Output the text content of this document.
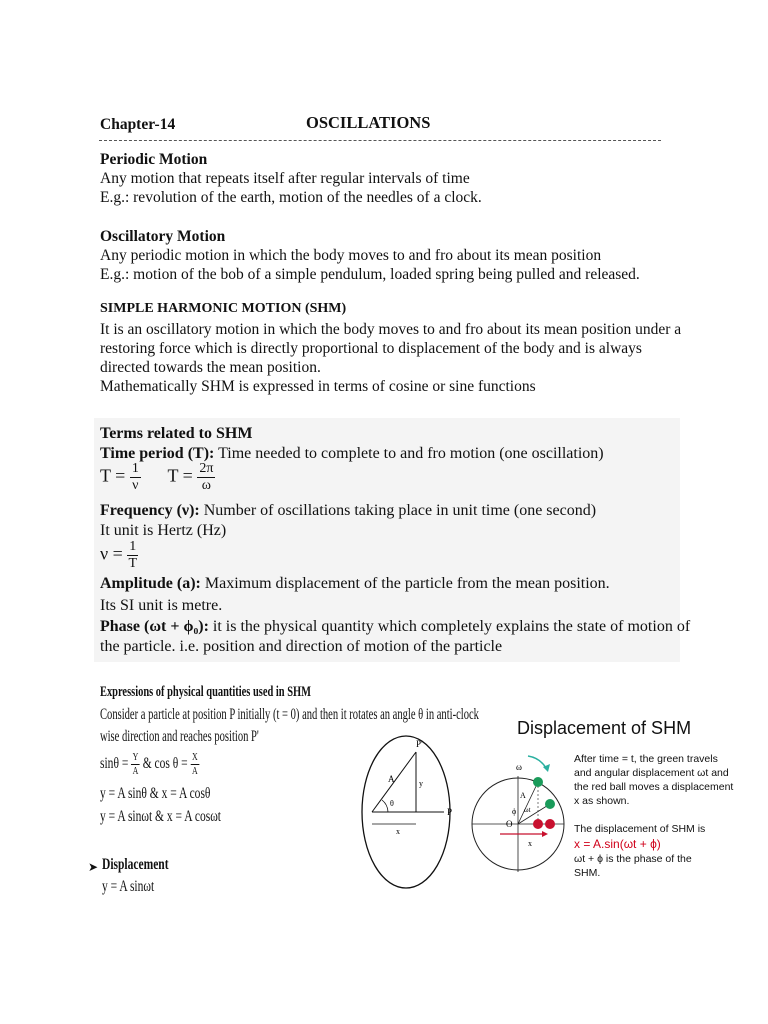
Chapter-14	OSCILLATIONS
Periodic Motion
Any motion that repeats itself after regular intervals of time
E.g.: revolution of the earth, motion of the needles of a clock.
Oscillatory Motion
Any periodic motion in which the body moves to and fro about its mean position
E.g.: motion of the bob of a simple pendulum, loaded spring being pulled and released.
SIMPLE HARMONIC MOTION (SHM)
It is an oscillatory motion in which the body moves to and fro about its mean position under a
restoring force which is directly proportional to displacement of the body and is always
directed towards the mean position.
Mathematically SHM is expressed in terms of cosine or sine functions
Terms related to SHM
Time period (T): Time needed to complete to and fro motion (one oscillation)
$T = \frac{1}{\nu}$ $T = \frac{2\pi}{\omega}$
Frequency (ν): Number of oscillations taking place in unit time (one second)
It unit is Hertz (Hz)
$\nu = \frac{1}{T}$
Amplitude (a): Maximum displacement of the particle from the mean position.
Its SI unit is metre.
Phase (ωt + ϕ₀): it is the physical quantity which completely explains the state of motion of
the particle. i.e. position and direction of motion of the particle
Expressions of physical quantities used in SHM
Consider a particle at position P initially (t = 0) and then it rotates an angle θ in anti-clock
wise direction and reaches position P'
$\sin\theta = \frac{Y}{A}$ & $\cos \theta = \frac{X}{A}$
y = A sinθ & x = A cosθ
y = A sinωt & x = A cosωt
➤ Displacement
y = A sinωt
P'
P
A	y
θ
x
Displacement of SHM
ω
A
ϕ ωt
O
x
After time = t, the green travels
and angular displacement ωt and
the red ball moves a displacement
x as shown.
The displacement of SHM is
x = A.sin(ωt + ϕ)
ωt + ϕ is the phase of the
SHM.
